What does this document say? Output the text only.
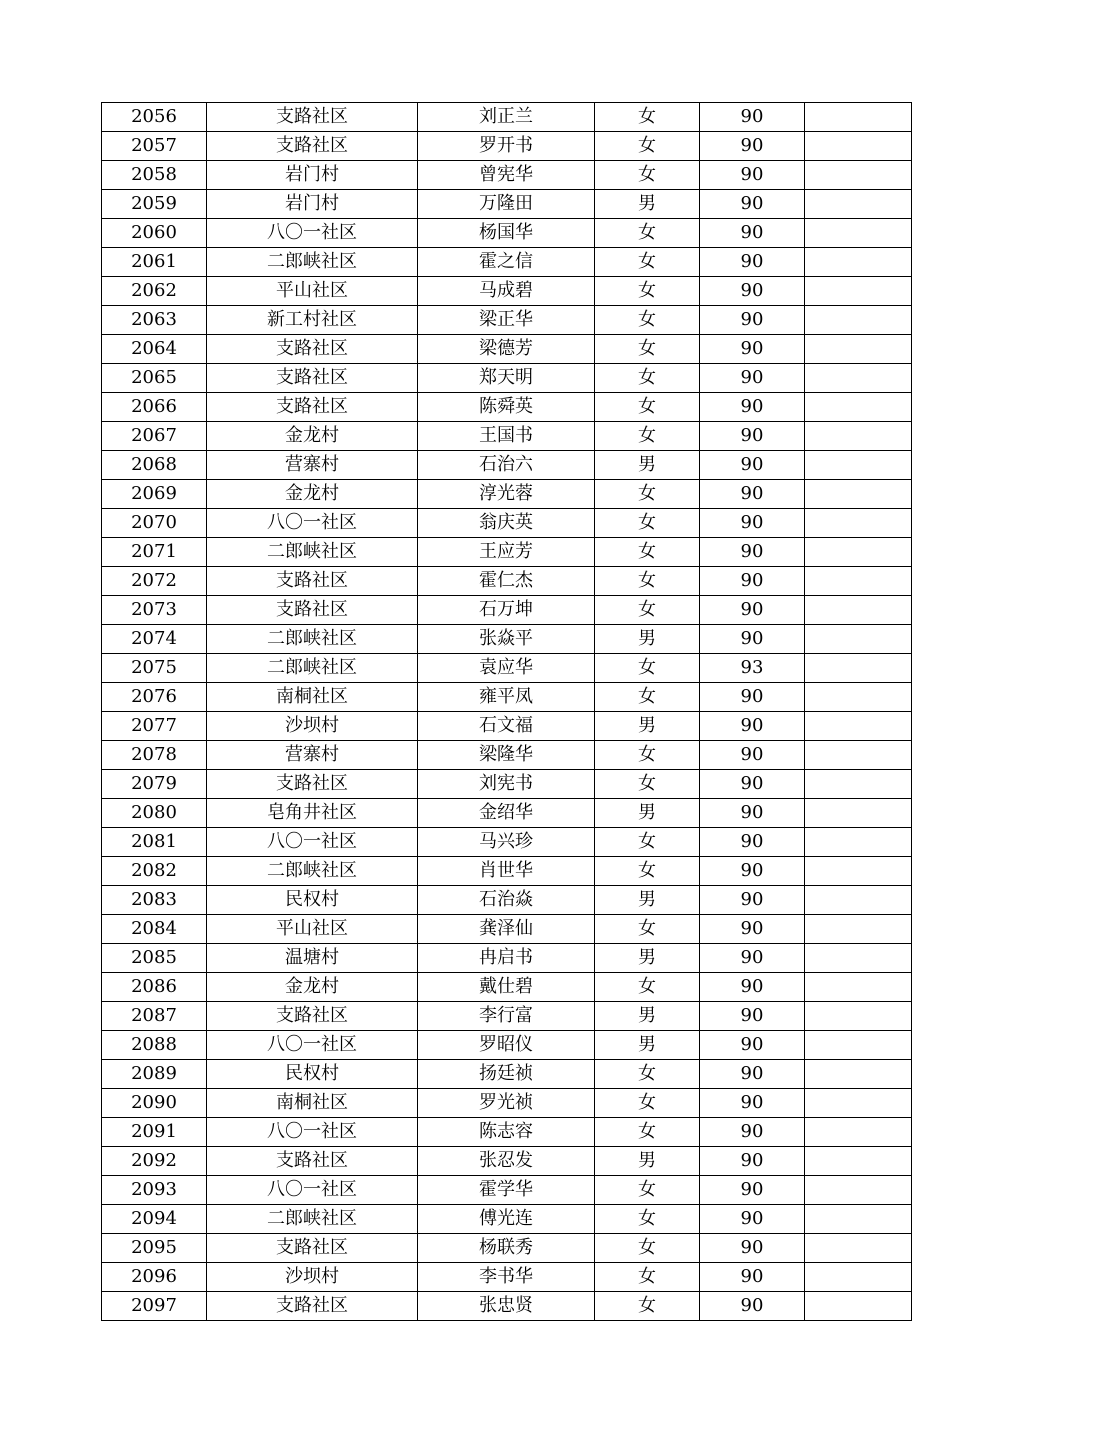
2056	支路社区	刘正兰	女	90	
2057	支路社区	罗开书	女	90	
2058	岩门村	曾宪华	女	90	
2059	岩门村	万隆田	男	90	
2060	八〇一社区	杨国华	女	90	
2061	二郎峡社区	霍之信	女	90	
2062	平山社区	马成碧	女	90	
2063	新工村社区	梁正华	女	90	
2064	支路社区	梁德芳	女	90	
2065	支路社区	郑天明	女	90	
2066	支路社区	陈舜英	女	90	
2067	金龙村	王国书	女	90	
2068	营寨村	石治六	男	90	
2069	金龙村	淳光蓉	女	90	
2070	八〇一社区	翁庆英	女	90	
2071	二郎峡社区	王应芳	女	90	
2072	支路社区	霍仁杰	女	90	
2073	支路社区	石万坤	女	90	
2074	二郎峡社区	张焱平	男	90	
2075	二郎峡社区	袁应华	女	93	
2076	南桐社区	雍平凤	女	90	
2077	沙坝村	石文福	男	90	
2078	营寨村	梁隆华	女	90	
2079	支路社区	刘宪书	女	90	
2080	皂角井社区	金绍华	男	90	
2081	八〇一社区	马兴珍	女	90	
2082	二郎峡社区	肖世华	女	90	
2083	民权村	石治焱	男	90	
2084	平山社区	龚泽仙	女	90	
2085	温塘村	冉启书	男	90	
2086	金龙村	戴仕碧	女	90	
2087	支路社区	李行富	男	90	
2088	八〇一社区	罗昭仪	男	90	
2089	民权村	扬廷祯	女	90	
2090	南桐社区	罗光祯	女	90	
2091	八〇一社区	陈志容	女	90	
2092	支路社区	张忍发	男	90	
2093	八〇一社区	霍学华	女	90	
2094	二郎峡社区	傅光连	女	90	
2095	支路社区	杨联秀	女	90	
2096	沙坝村	李书华	女	90	
2097	支路社区	张忠贤	女	90	
